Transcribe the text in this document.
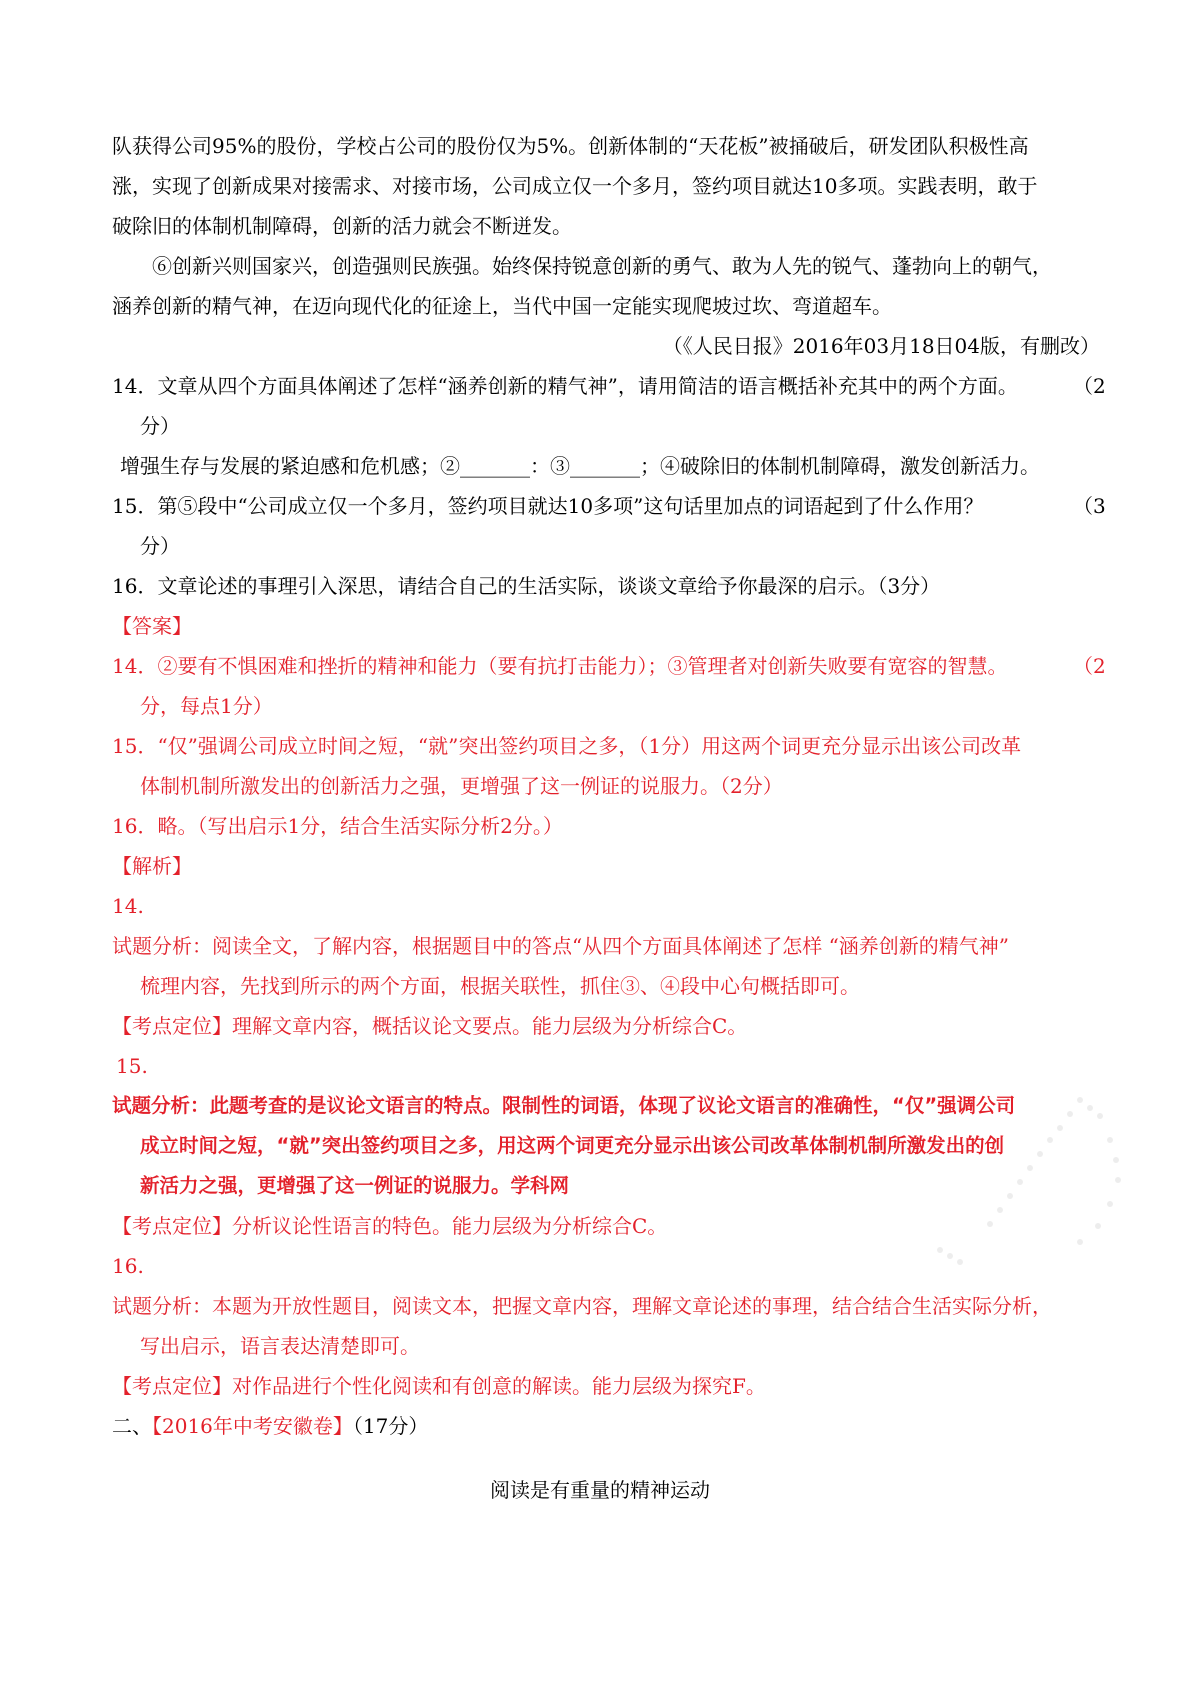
队获得公司95%的股份，学校占公司的股份仅为5%。创新体制的“天花板”被捅破后，研发团队积极性高
涨，实现了创新成果对接需求、对接市场，公司成立仅一个多月，签约项目就达10多项。实践表明，敢于
破除旧的体制机制障碍，创新的活力就会不断迸发。
⑥创新兴则国家兴，创造强则民族强。始终保持锐意创新的勇气、敢为人先的锐气、蓬勃向上的朝气，
涵养创新的精气神，在迈向现代化的征途上，当代中国一定能实现爬坡过坎、弯道超车。
（《人民日报》2016年03月18日04版，有删改）
14．文章从四个方面具体阐述了怎样“涵养创新的精气神”，请用简洁的语言概括补充其中的两个方面。	（2
分）
增强生存与发展的紧迫感和危机感；②_______：③_______；④破除旧的体制机制障碍，激发创新活力。
15．第⑤段中“公司成立仅一个多月，签约项目就达10多项”这句话里加点的词语起到了什么作用？	（3
分）
16．文章论述的事理引入深思，请结合自己的生活实际，谈谈文章给予你最深的启示。（3分）
【答案】
14．②要有不惧困难和挫折的精神和能力（要有抗打击能力）；③管理者对创新失败要有宽容的智慧。	（2
分，每点1分）
15．“仅”强调公司成立时间之短，“就”突出签约项目之多，（1分）用这两个词更充分显示出该公司改革
体制机制所激发出的创新活力之强，更增强了这一例证的说服力。（2分）
16．略。（写出启示1分，结合生活实际分析2分。）
【解析】
14.
试题分析：阅读全文，了解内容，根据题目中的答点“从四个方面具体阐述了怎样 “涵养创新的精气神”
梳理内容，先找到所示的两个方面，根据关联性，抓住③、④段中心句概括即可。
【考点定位】理解文章内容，概括议论文要点。能力层级为分析综合C。
15.
试题分析：此题考查的是议论文语言的特点。限制性的词语，体现了议论文语言的准确性，“仅”强调公司
成立时间之短，“就”突出签约项目之多，用这两个词更充分显示出该公司改革体制机制所激发出的创
新活力之强，更增强了这一例证的说服力。学科网
【考点定位】分析议论性语言的特色。能力层级为分析综合C。
16.
试题分析：本题为开放性题目，阅读文本，把握文章内容，理解文章论述的事理，结合结合生活实际分析，
写出启示，语言表达清楚即可。
【考点定位】对作品进行个性化阅读和有创意的解读。能力层级为探究F。
二、【2016年中考安徽卷】（17分）
阅读是有重量的精神运动
